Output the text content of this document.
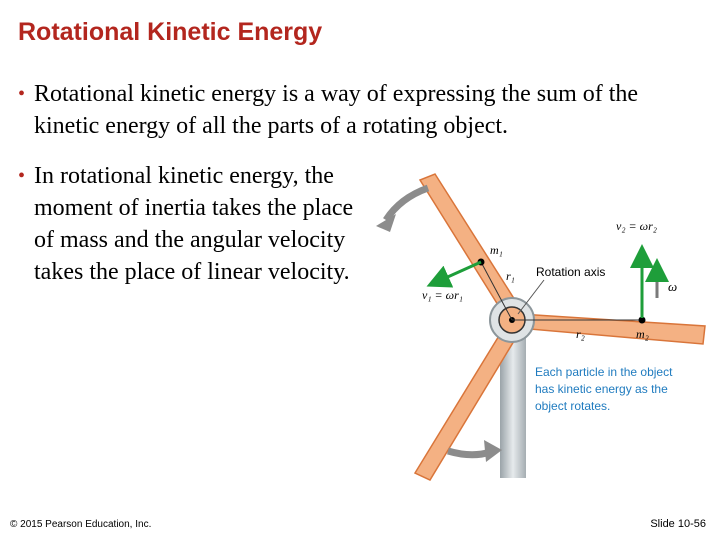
Rotational Kinetic Energy
• Rotational kinetic energy is a way of expressing the sum of the kinetic energy of all the parts of a rotating object.
• In rotational kinetic energy, the moment of inertia takes the place of mass and the angular velocity takes the place of linear velocity.
v₂ = ωr₂
m₁
r₁ Rotation axis
v₁ = ωr₁
ω
r₂	m₂
Each particle in the object
has kinetic energy as the
object rotates.
© 2015 Pearson Education, Inc.	Slide 10-56
